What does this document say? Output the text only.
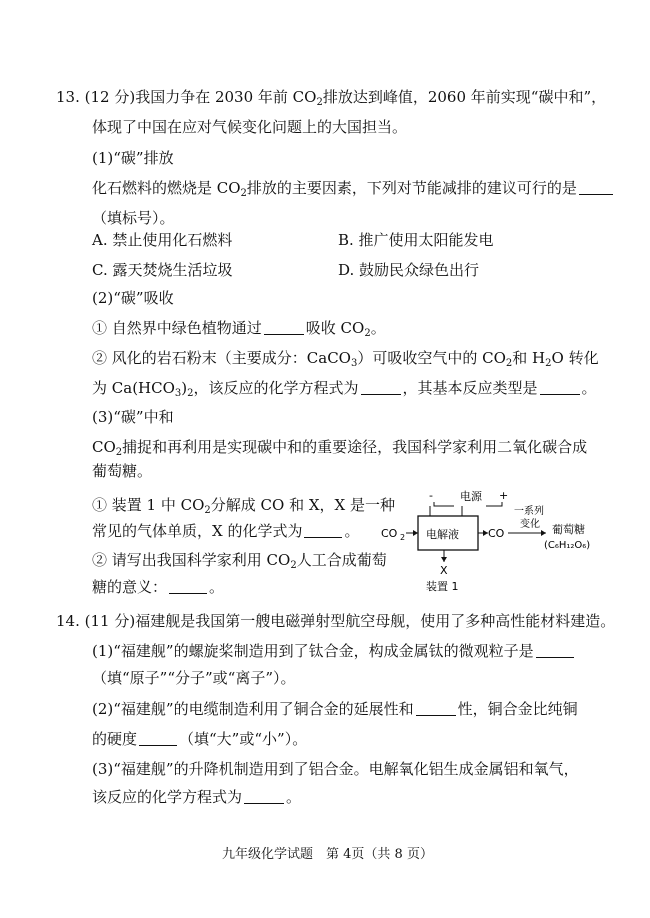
13. (12 分)我国力争在 2030 年前 $CO_2$排放达到峰值，2060 年前实现“碳中和”，
体现了中国在应对气候变化问题上的大国担当。
(1)“碳”排放
化石燃料的燃烧是 $CO_2$排放的主要因素，下列对节能减排的建议可行的是
（填标号）。
A. 禁止使用化石燃料	B. 推广使用太阳能发电
C. 露天焚烧生活垃圾	D. 鼓励民众绿色出行
(2)“碳”吸收
① 自然界中绿色植物通过	吸收 $CO_2$。
② 风化的岩石粉末（主要成分：CaCO$_3$）可吸收空气中的 $CO_2$和 $H_2O$ 转化
为 $Ca(HCO_3)_2$，该反应的化学方程式为	，其基本反应类型是	。
(3)“碳”中和
$CO_2$捕捉和再利用是实现碳中和的重要途径，我国科学家利用二氧化碳合成
葡萄糖。
① 装置 1 中 $CO_2$分解成 CO 和 X，X 是一种
常见的气体单质，X 的化学式为	。
② 请写出我国科学家利用 $CO_2$人工合成葡萄
糖的意义：	。
电源
-	+
电解液
CO 2	CO
一系列
变化 葡萄糖
(C₆H₁₂O₆)
X
装置 1
14. (11 分)福建舰是我国第一艘电磁弹射型航空母舰，使用了多种高性能材料建造。
(1)“福建舰”的螺旋桨制造用到了钛合金，构成金属钛的微观粒子是
（填“原子”“分子”或“离子”）。
(2)“福建舰”的电缆制造利用了铜合金的延展性和	性，铜合金比纯铜
的硬度	（填“大”或“小”）。
(3)“福建舰”的升降机制造用到了铝合金。电解氧化铝生成金属铝和氧气，
该反应的化学方程式为	。
九年级化学试题　第 4页（共 8 页）
